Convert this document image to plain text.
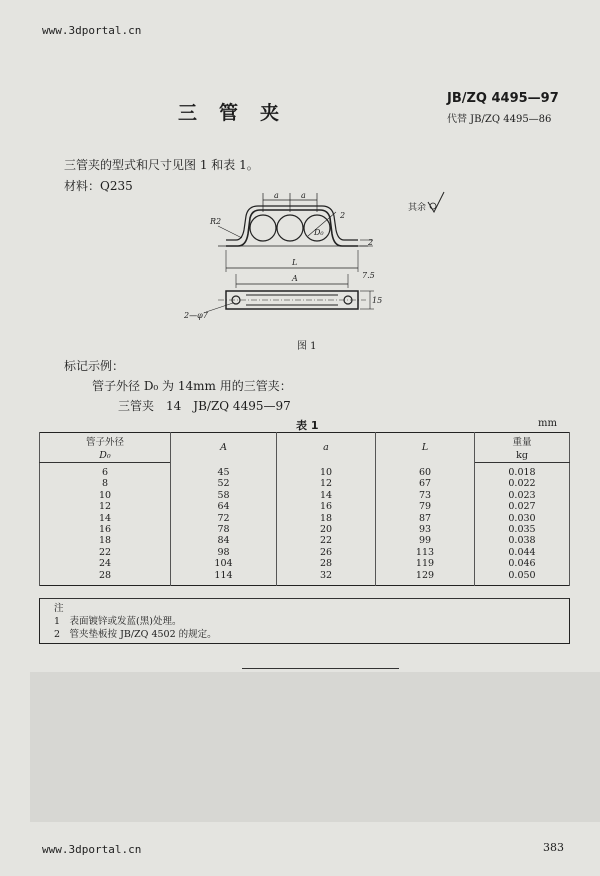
www.3dportal.cn
三管夹
JB/ZQ 4495—97
代替 JB/ZQ 4495—86
三管夹的型式和尺寸见图 1 和表 1。
材料：Q235
a	a
R2
D₀
2
2
L
A	7.5
15
2—φ7
其余
图 1
标记示例：
管子外径 D₀ 为 14mm 用的三管夹：
三管夹　14　JB/ZQ 4495—97
表 1	mm
管子外径	A	a	L	重量
D₀				kg
6	45	10	60	0.018
8	52	12	67	0.022
10	58	14	73	0.023
12	64	16	79	0.027
14	72	18	87	0.030
16	78	20	93	0.035
18	84	22	99	0.038
22	98	26	113	0.044
24	104	28	119	0.046
28	114	32	129	0.050
注
1　表面镀锌或发蓝(黑)处理。
2　管夹垫板按 JB/ZQ 4502 的规定。
www.3dportal.cn	383
